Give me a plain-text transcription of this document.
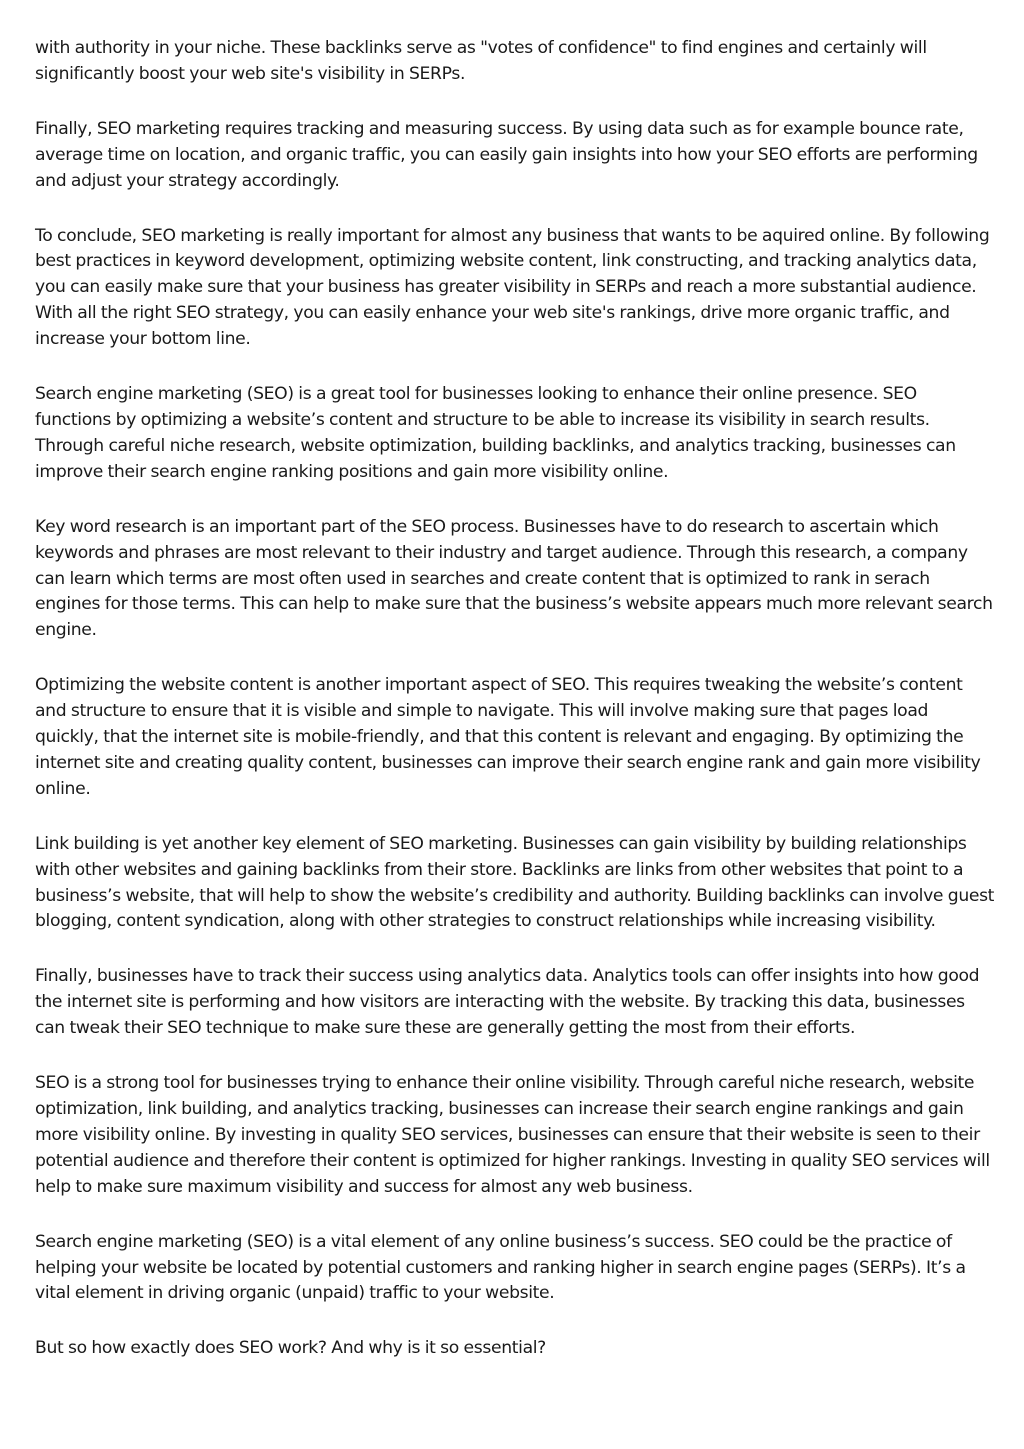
with authority in your niche. These backlinks serve as "votes of confidence" to find engines and certainly will significantly boost your web site's visibility in SERPs.

Finally, SEO marketing requires tracking and measuring success. By using data such as for example bounce rate, average time on location, and organic traffic, you can easily gain insights into how your SEO efforts are performing and adjust your strategy accordingly.

To conclude, SEO marketing is really important for almost any business that wants to be aquired online. By following best practices in keyword development, optimizing website content, link constructing, and tracking analytics data, you can easily make sure that your business has greater visibility in SERPs and reach a more substantial audience. With all the right SEO strategy, you can easily enhance your web site's rankings, drive more organic traffic, and increase your bottom line.

Search engine marketing (SEO) is a great tool for businesses looking to enhance their online presence. SEO functions by optimizing a website’s content and structure to be able to increase its visibility in search results. Through careful niche research, website optimization, building backlinks, and analytics tracking, businesses can improve their search engine ranking positions and gain more visibility online.

Key word research is an important part of the SEO process. Businesses have to do research to ascertain which keywords and phrases are most relevant to their industry and target audience. Through this research, a company can learn which terms are most often used in searches and create content that is optimized to rank in serach engines for those terms. This can help to make sure that the business’s website appears much more relevant search engine.

Optimizing the website content is another important aspect of SEO. This requires tweaking the website’s content and structure to ensure that it is visible and simple to navigate. This will involve making sure that pages load quickly, that the internet site is mobile-friendly, and that this content is relevant and engaging. By optimizing the internet site and creating quality content, businesses can improve their search engine rank and gain more visibility online.

Link building is yet another key element of SEO marketing. Businesses can gain visibility by building relationships with other websites and gaining backlinks from their store. Backlinks are links from other websites that point to a business’s website, that will help to show the website’s credibility and authority. Building backlinks can involve guest blogging, content syndication, along with other strategies to construct relationships while increasing visibility.

Finally, businesses have to track their success using analytics data. Analytics tools can offer insights into how good the internet site is performing and how visitors are interacting with the website. By tracking this data, businesses can tweak their SEO technique to make sure these are generally getting the most from their efforts.

SEO is a strong tool for businesses trying to enhance their online visibility. Through careful niche research, website optimization, link building, and analytics tracking, businesses can increase their search engine rankings and gain more visibility online. By investing in quality SEO services, businesses can ensure that their website is seen to their potential audience and therefore their content is optimized for higher rankings. Investing in quality SEO services will help to make sure maximum visibility and success for almost any web business.

Search engine marketing (SEO) is a vital element of any online business’s success. SEO could be the practice of helping your website be located by potential customers and ranking higher in search engine pages (SERPs). It’s a vital element in driving organic (unpaid) traffic to your website.

But so how exactly does SEO work? And why is it so essential?
